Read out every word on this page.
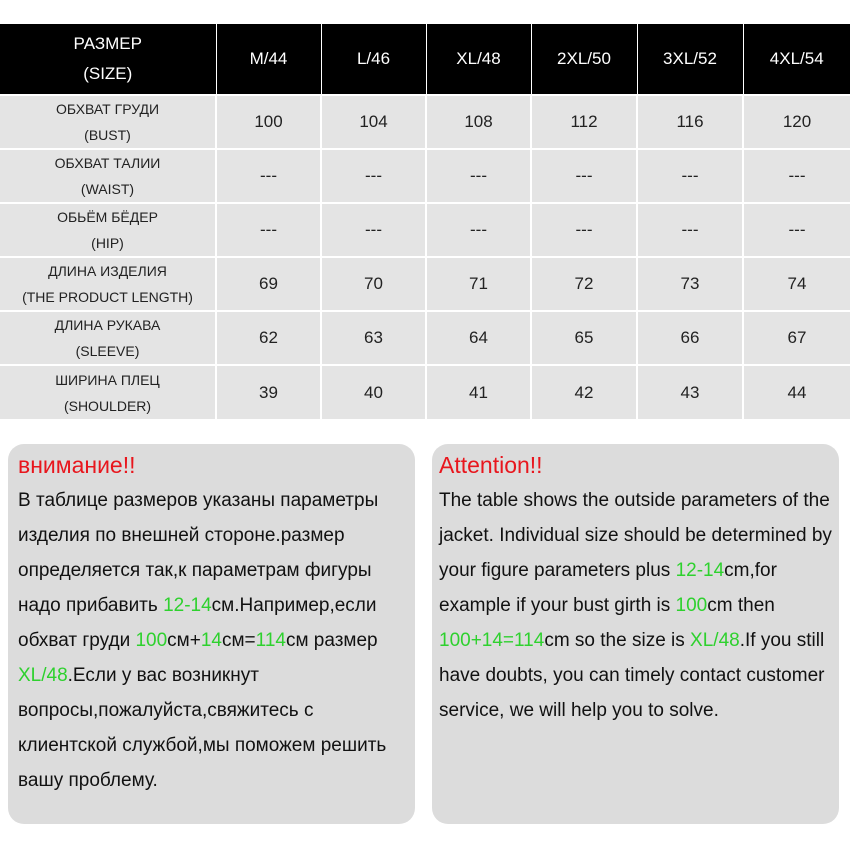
РАЗМЕР
(SIZE)	M/44	L/46	XL/48	2XL/50	3XL/52	4XL/54

ОБХВАТ ГРУДИ
(BUST)	100	104	108	112	116	120

ОБХВАТ ТАЛИИ
(WAIST)	---	---	---	---	---	---

ОБЬЁМ БЁДЕР
(HIP)	---	---	---	---	---	---

ДЛИНА ИЗДЕЛИЯ
(THE PRODUCT LENGTH)	69	70	71	72	73	74

ДЛИНА РУКАВА
(SLEEVE)	62	63	64	65	66	67

ШИРИНА ПЛЕЦ
(SHOULDER)	39	40	41	42	43	44
внимание!!
В таблице размеров указаны параметры изделия по внешней стороне.размер определяется так,к параметрам фигуры надо прибавить 12-14см.Например,если обхват груди 100см+14см=114см размер XL/48.Если у вас возникнут вопросы,пожалуйста,свяжитесь с клиентской службой,мы поможем решить вашу проблему.
Attention!!
The table shows the outside parameters of the jacket. Individual size should be determined by your figure parameters plus 12-14cm,for example if your bust girth is 100cm then 100+14=114cm so the size is XL/48.If you still have doubts, you can timely contact customer service, we will help you to solve.
